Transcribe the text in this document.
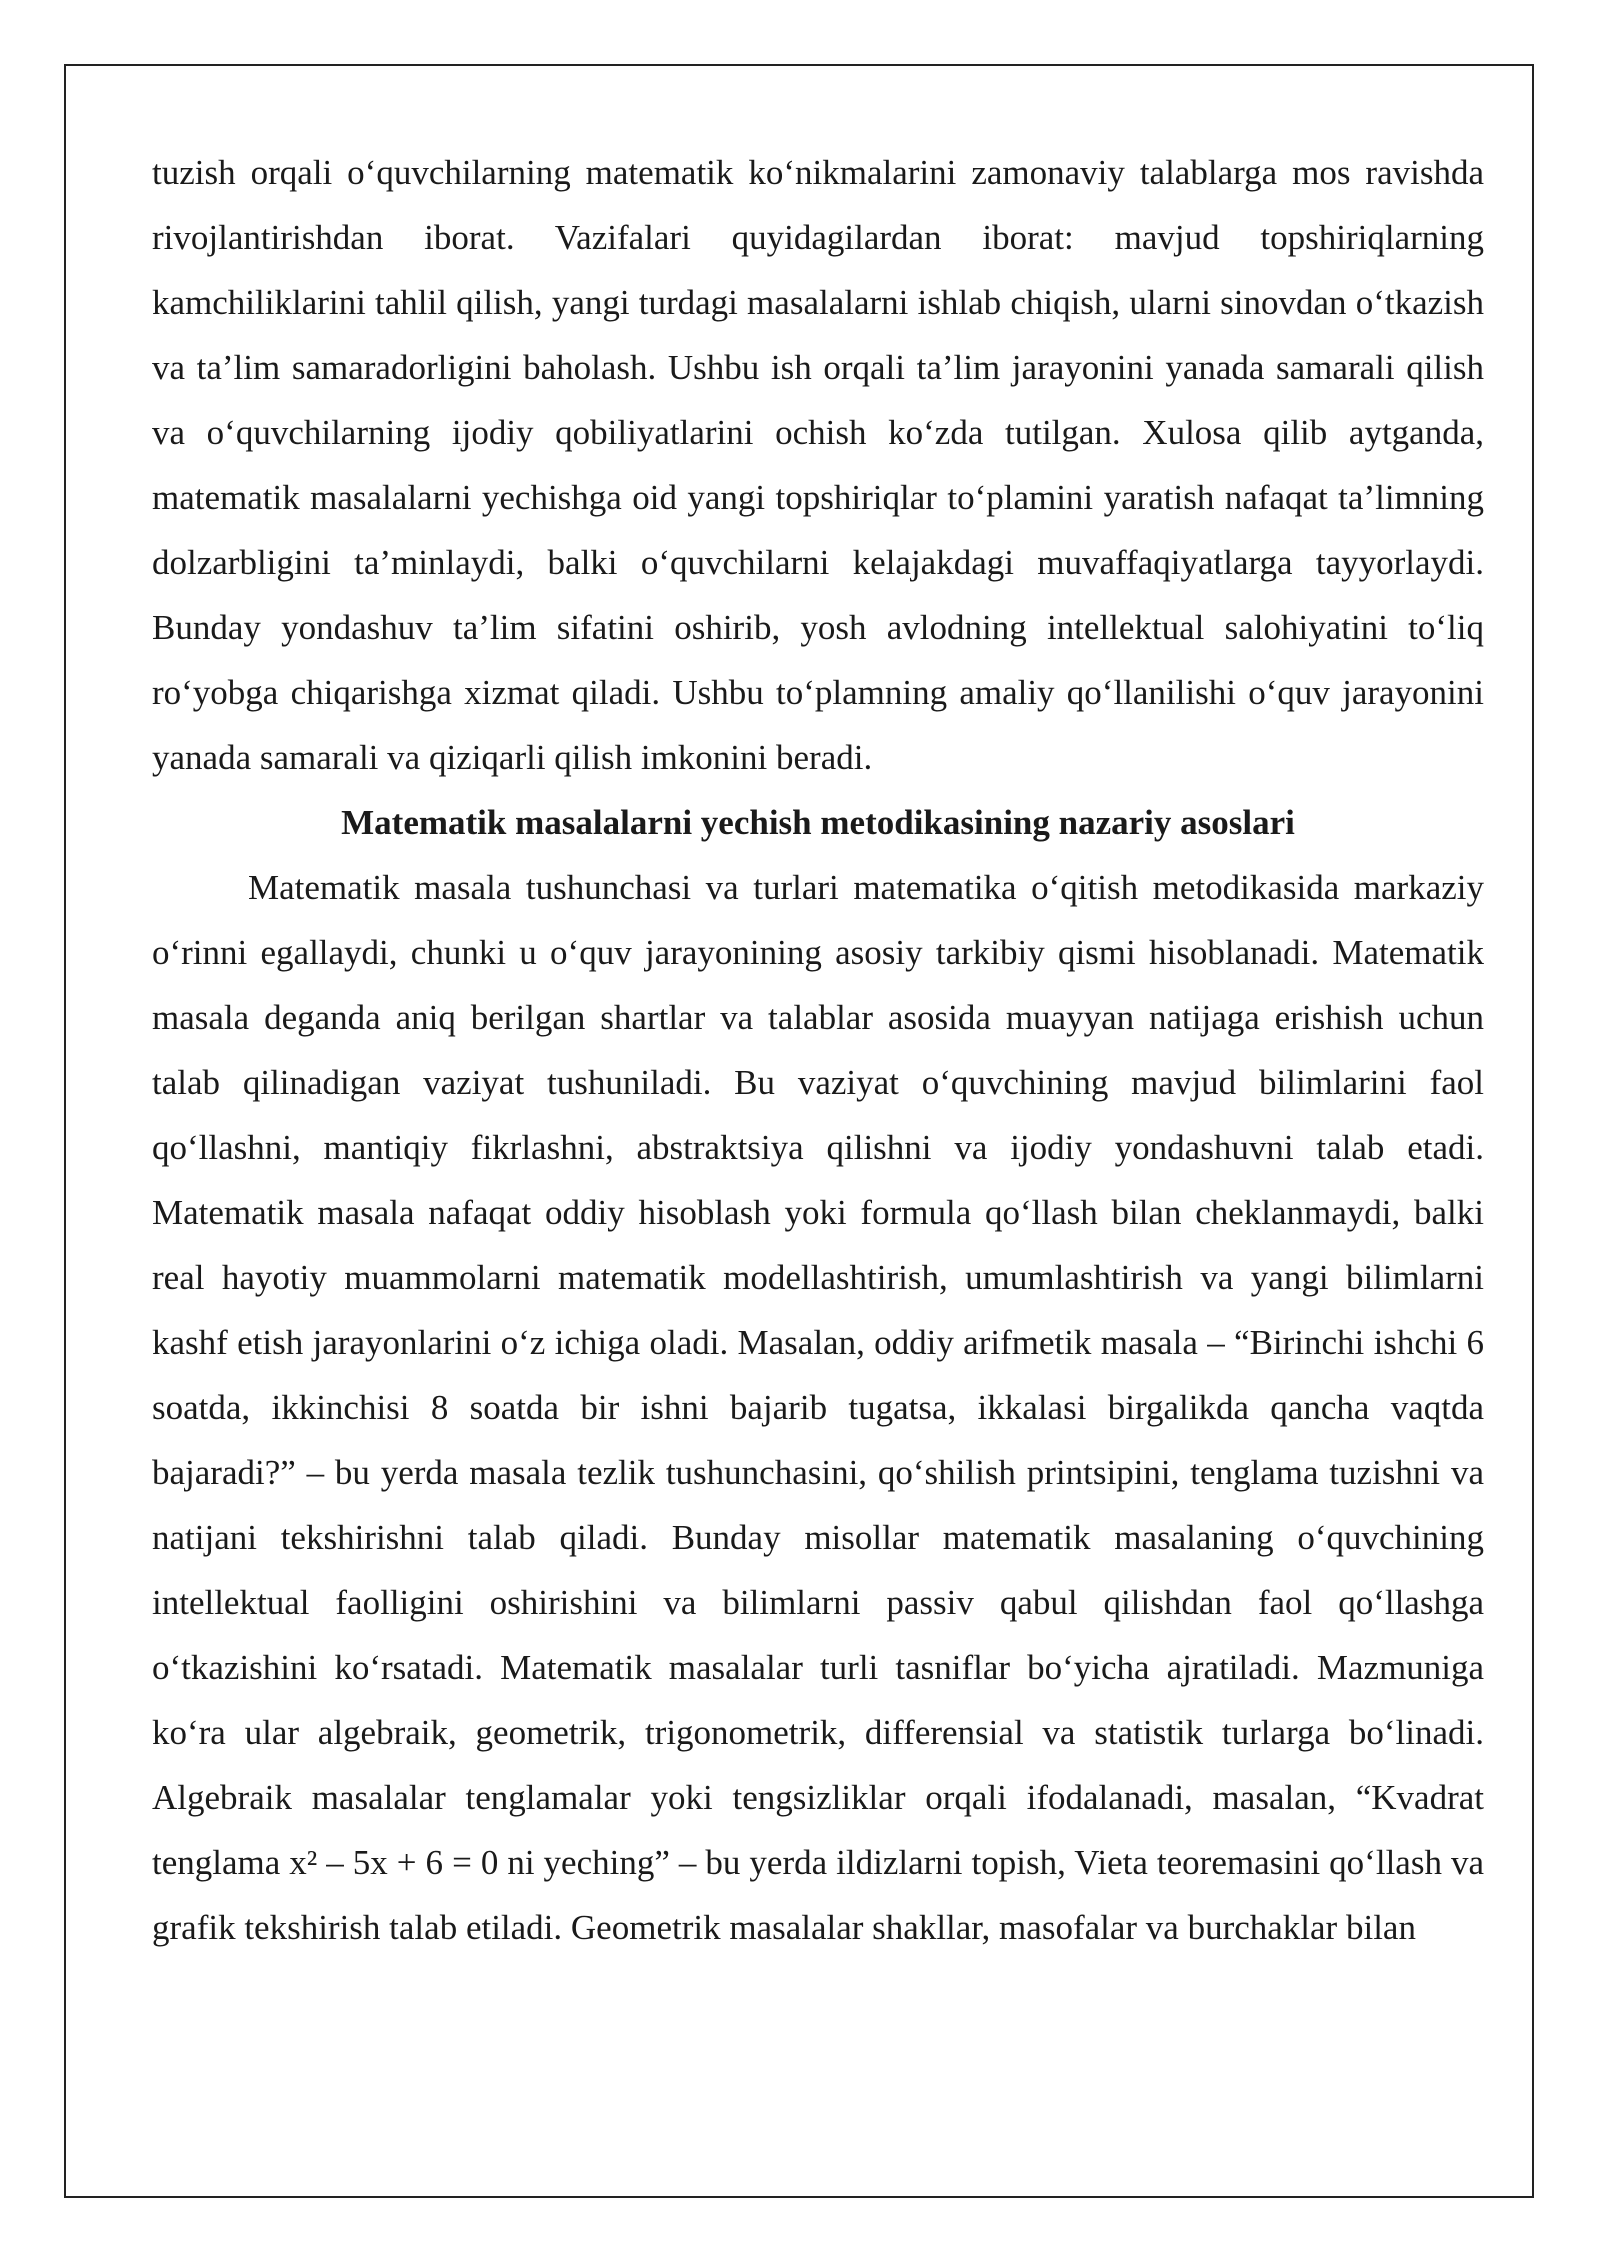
tuzish orqali o‘quvchilarning matematik ko‘nikmalarini zamonaviy talablarga mos ravishda rivojlantirishdan iborat. Vazifalari quyidagilardan iborat: mavjud topshiriqlarning kamchiliklarini tahlil qilish, yangi turdagi masalalarni ishlab chiqish, ularni sinovdan o‘tkazish va ta’lim samaradorligini baholash. Ushbu ish orqali ta’lim jarayonini yanada samarali qilish va o‘quvchilarning ijodiy qobiliyatlarini ochish ko‘zda tutilgan. Xulosa qilib aytganda, matematik masalalarni yechishga oid yangi topshiriqlar to‘plamini yaratish nafaqat ta’limning dolzarbligini ta’minlaydi, balki o‘quvchilarni kelajakdagi muvaffaqiyatlarga tayyorlaydi. Bunday yondashuv ta’lim sifatini oshirib, yosh avlodning intellektual salohiyatini to‘liq ro‘yobga chiqarishga xizmat qiladi. Ushbu to‘plamning amaliy qo‘llanilishi o‘quv jarayonini yanada samarali va qiziqarli qilish imkonini beradi.

Matematik masalalarni yechish metodikasining nazariy asoslari

Matematik masala tushunchasi va turlari matematika o‘qitish metodikasida markaziy o‘rinni egallaydi, chunki u o‘quv jarayonining asosiy tarkibiy qismi hisoblanadi. Matematik masala deganda aniq berilgan shartlar va talablar asosida muayyan natijaga erishish uchun talab qilinadigan vaziyat tushuniladi. Bu vaziyat o‘quvchining mavjud bilimlarini faol qo‘llashni, mantiqiy fikrlashni, abstraktsiya qilishni va ijodiy yondashuvni talab etadi. Matematik masala nafaqat oddiy hisoblash yoki formula qo‘llash bilan cheklanmaydi, balki real hayotiy muammolarni matematik modellashtirish, umumlashtirish va yangi bilimlarni kashf etish jarayonlarini o‘z ichiga oladi. Masalan, oddiy arifmetik masala – “Birinchi ishchi 6 soatda, ikkinchisi 8 soatda bir ishni bajarib tugatsa, ikkalasi birgalikda qancha vaqtda bajaradi?” – bu yerda masala tezlik tushunchasini, qo‘shilish printsipini, tenglama tuzishni va natijani tekshirishni talab qiladi. Bunday misollar matematik masalaning o‘quvchining intellektual faolligini oshirishini va bilimlarni passiv qabul qilishdan faol qo‘llashga o‘tkazishini ko‘rsatadi. Matematik masalalar turli tasniflar bo‘yicha ajratiladi. Mazmuniga ko‘ra ular algebraik, geometrik, trigonometrik, differensial va statistik turlarga bo‘linadi. Algebraik masalalar tenglamalar yoki tengsizliklar orqali ifodalanadi, masalan, “Kvadrat tenglama x² – 5x + 6 = 0 ni yeching” – bu yerda ildizlarni topish, Vieta teoremasini qo‘llash va grafik tekshirish talab etiladi. Geometrik masalalar shakllar, masofalar va burchaklar bilan
